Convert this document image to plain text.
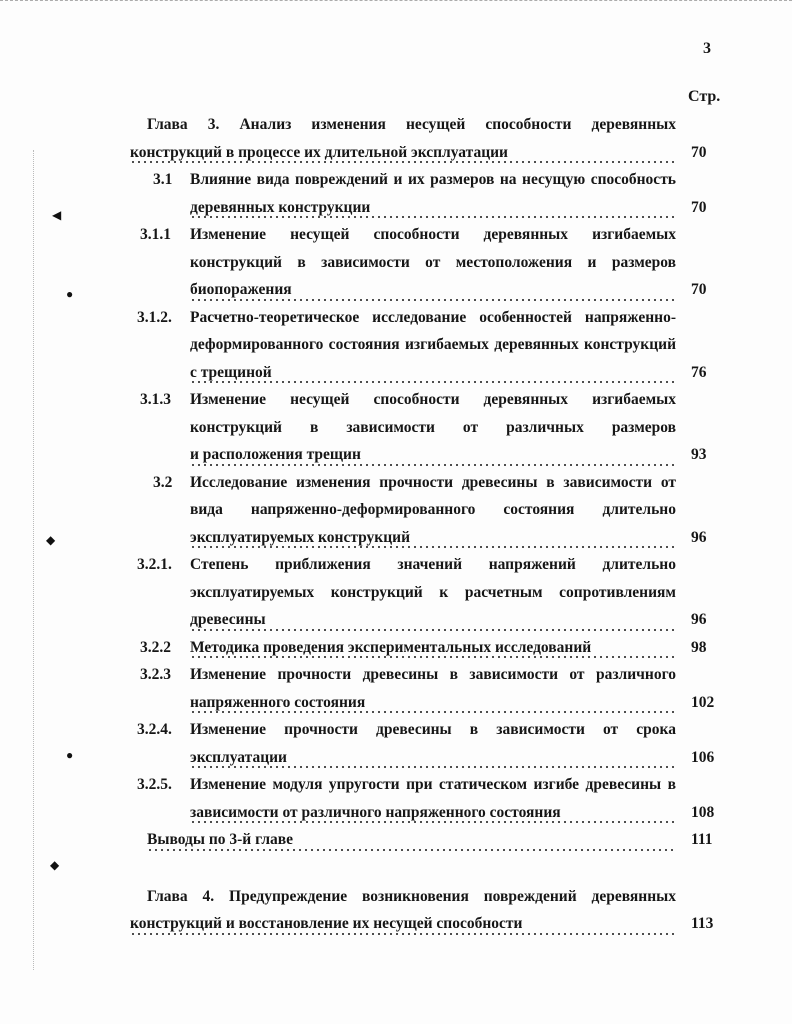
◀
●
◆
●
◆
3
Стр.
Глава 3. Анализ изменения несущей способности деревянных
конструкций в процессе их длительной эксплуатации	70
3.1 Влияние вида повреждений и их размеров на несущую способность
деревянных конструкции	70
3.1.1 Изменение несущей способности деревянных изгибаемых
конструкций в зависимости от местоположения и размеров
биопоражения	70
3.1.2. Расчетно-теоретическое исследование особенностей напряженно-
деформированного состояния изгибаемых деревянных конструкций
с трещиной	76
3.1.3 Изменение несущей способности деревянных изгибаемых
конструкций в зависимости от различных размеров
и расположения трещин	93
3.2 Исследование изменения прочности древесины в зависимости от
вида напряженно-деформированного состояния длительно
эксплуатируемых конструкций	96
3.2.1. Степень приближения значений напряжений длительно
эксплуатируемых конструкций к расчетным сопротивлениям
древесины	96
3.2.2 Методика проведения экспериментальных исследований	98
3.2.3 Изменение прочности древесины в зависимости от различного
напряженного состояния	102
3.2.4. Изменение прочности древесины в зависимости от срока
эксплуатации	106
3.2.5. Изменение модуля упругости при статическом изгибе древесины в
зависимости от различного напряженного состояния	108
Выводы по 3-й главе	111
Глава 4. Предупреждение возникновения повреждений деревянных
конструкций и восстановление их несущей способности	113
